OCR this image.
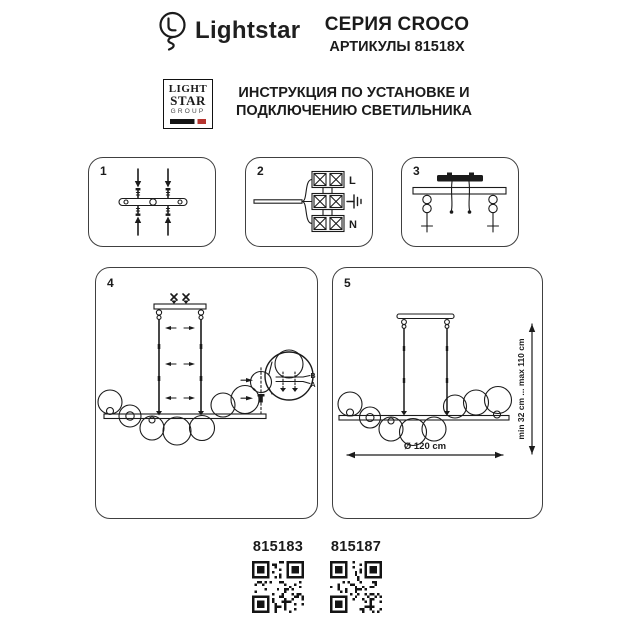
Lightstar	СЕРИЯ CROCO
АРТИКУЛЫ 81518X
LIGHT
STAR
GROUP
ИНСТРУКЦИЯ ПО УСТАНОВКЕ И
ПОДКЛЮЧЕНИЮ СВЕТИЛЬНИКА
1	2
L
N
3
4
B
A
5
Ø 120 cm
min 32 cm ... max 110 cm
815183 815187
